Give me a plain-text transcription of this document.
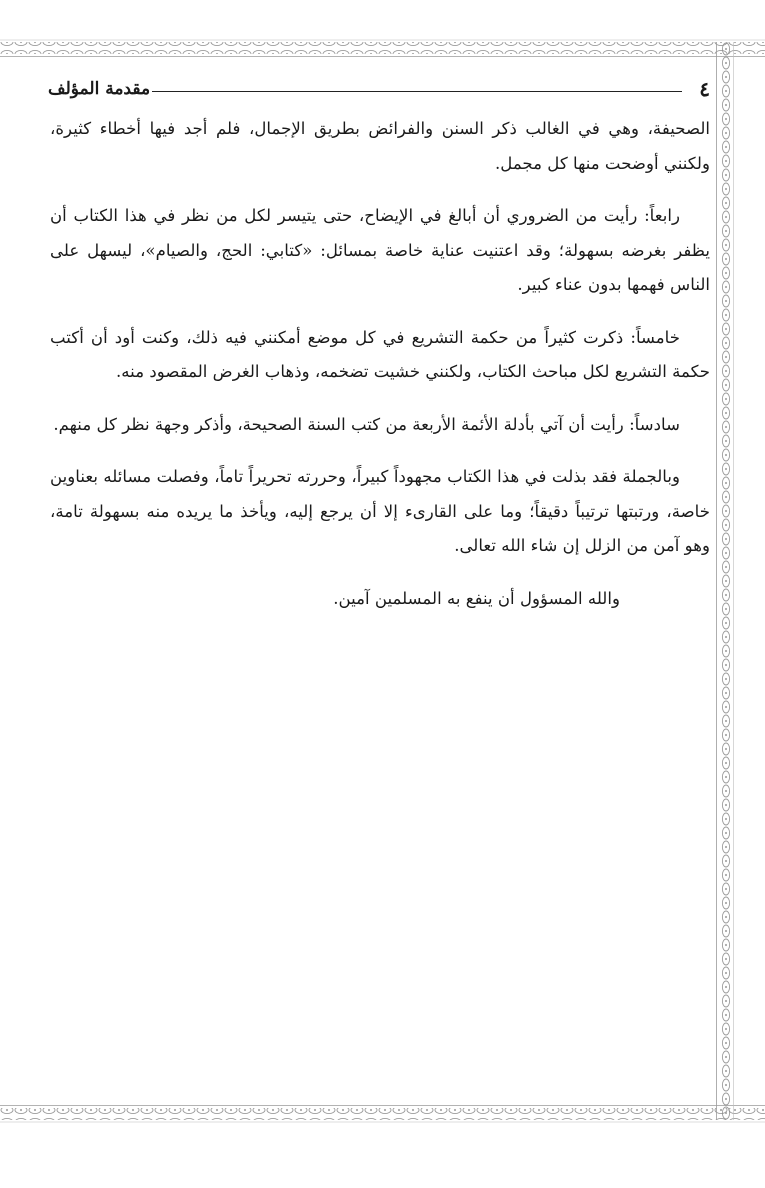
٤
مقدمة المؤلف

الصحيفة، وهي في الغالب ذكر السنن والفرائض بطريق الإجمال، فلم أجد فيها أخطاء كثيرة، ولكنني أوضحت منها كل مجمل.

رابعاً: رأيت من الضروري أن أبالغ في الإيضاح، حتى يتيسر لكل من نظر في هذا الكتاب أن يظفر بغرضه بسهولة؛ وقد اعتنيت عناية خاصة بمسائل: «كتابي: الحج، والصيام»، ليسهل على الناس فهمها بدون عناء كبير.

خامساً: ذكرت كثيراً من حكمة التشريع في كل موضع أمكنني فيه ذلك، وكنت أود أن أكتب حكمة التشريع لكل مباحث الكتاب، ولكنني خشيت تضخمه، وذهاب الغرض المقصود منه.

سادساً: رأيت أن آتي بأدلة الأئمة الأربعة من كتب السنة الصحيحة، وأذكر وجهة نظر كل منهم.

وبالجملة فقد بذلت في هذا الكتاب مجهوداً كبيراً، وحررته تحريراً تاماً، وفصلت مسائله بعناوين خاصة، ورتبتها ترتيباً دقيقاً؛ وما على القارىء إلا أن يرجع إليه، ويأخذ ما يريده منه بسهولة تامة، وهو آمن من الزلل إن شاء الله تعالى.

والله المسؤول أن ينفع به المسلمين آمين.
